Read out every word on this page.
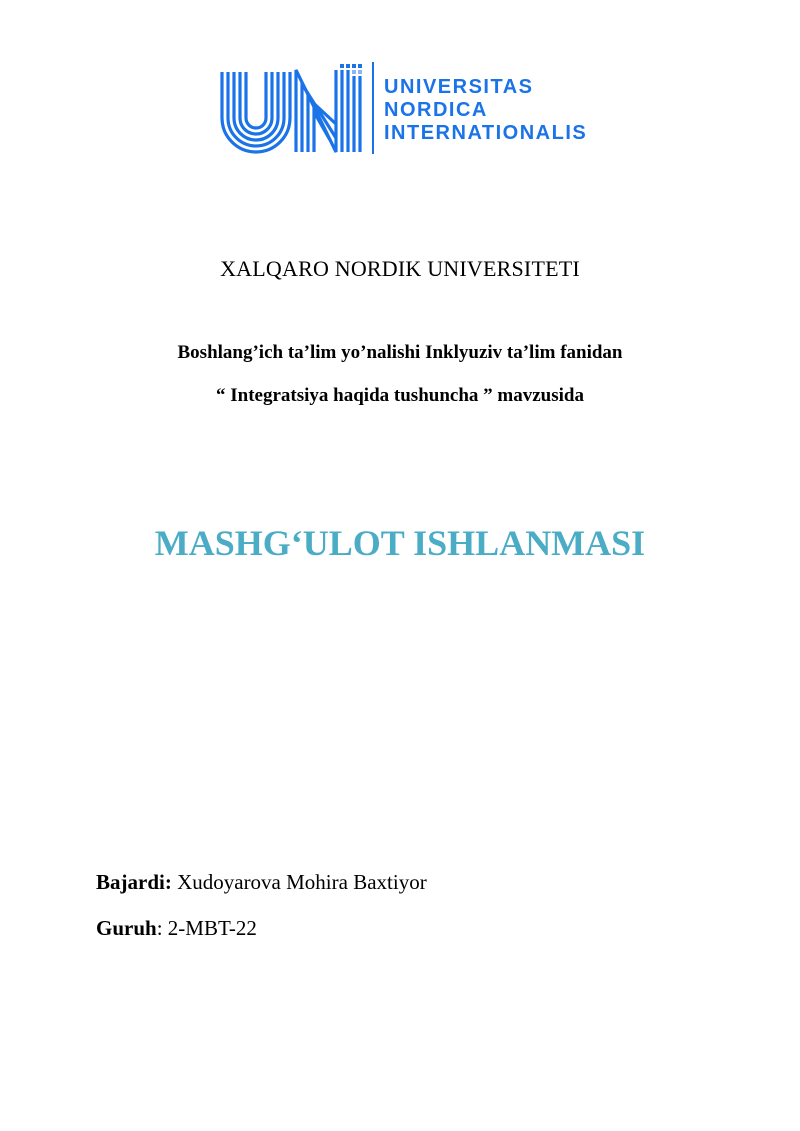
UNIVERSITAS
NORDICA
INTERNATIONALIS
XALQARO NORDIK UNIVERSITETI
Boshlang’ich ta’lim yo’nalishi Inklyuziv ta’lim fanidan
“ Integratsiya haqida tushuncha ” mavzusida
MASHG‘ULOT ISHLANMASI
Bajardi: Xudoyarova Mohira Baxtiyor
Guruh: 2-MBT-22
